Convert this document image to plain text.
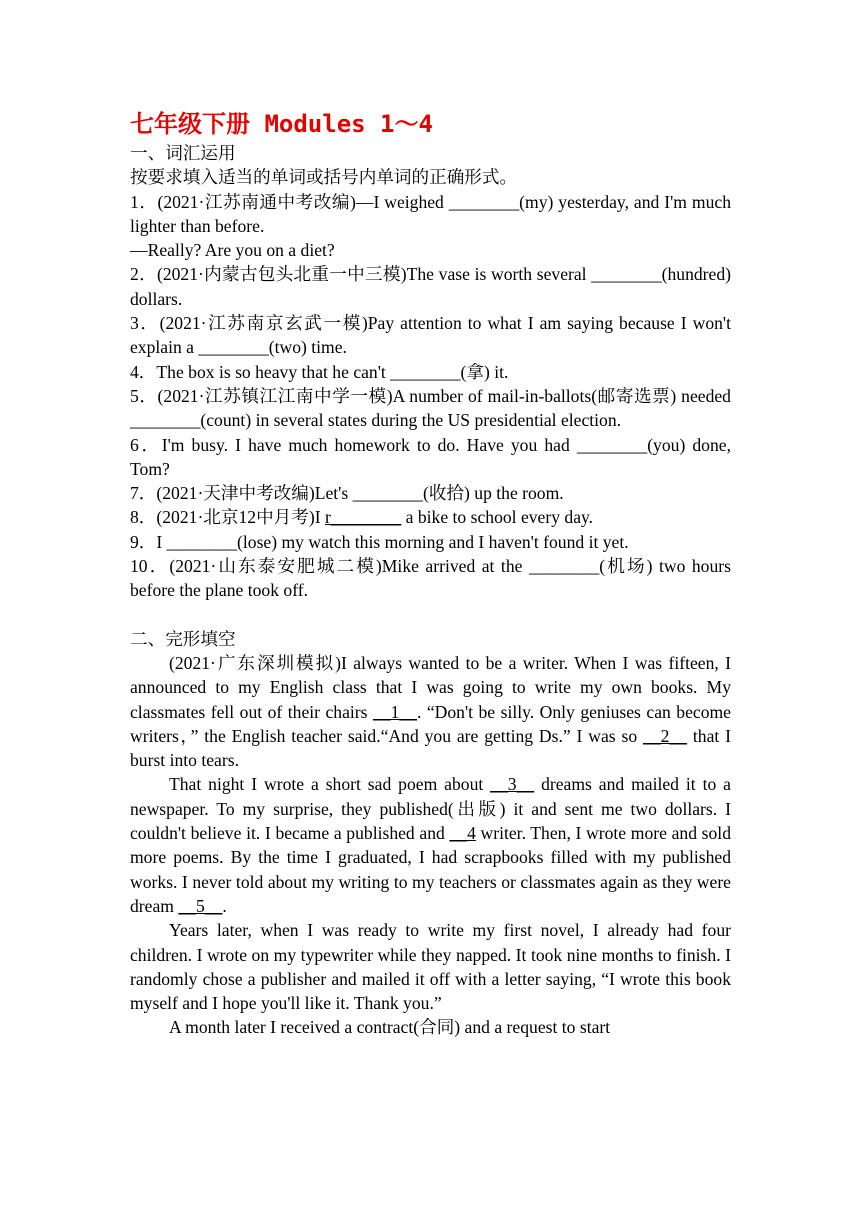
七年级下册 Modules 1～4

一、词汇运用

按要求填入适当的单词或括号内单词的正确形式。

1．(2021·江苏南通中考改编)—I weighed ________(my) yesterday, and I'm much lighter than before.

—Really? Are you on a diet?

2．(2021·内蒙古包头北重一中三模)The vase is worth several ________(hundred) dollars.

3．(2021·江苏南京玄武一模)Pay attention to what I am saying because I won't explain a ________(two) time.

4．The box is so heavy that he can't ________(拿) it.

5．(2021·江苏镇江江南中学一模)A number of mail-in-ballots(邮寄选票) needed ________(count) in several states during the US presidential election.

6．I'm busy. I have much homework to do. Have you had ________(you) done, Tom?

7．(2021·天津中考改编)Let's ________(收拾) up the room.

8．(2021·北京12中月考)I r________ a bike to school every day.

9．I ________(lose) my watch this morning and I haven't found it yet.

10．(2021·山东泰安肥城二模)Mike arrived at the ________(机场) two hours before the plane took off.

二、完形填空

(2021·广东深圳模拟)I always wanted to be a writer. When I was fifteen, I announced to my English class that I was going to write my own books. My classmates fell out of their chairs __1__. “Don't be silly. Only geniuses can become writers，” the English teacher said.“And you are getting Ds.” I was so __2__ that I burst into tears.

That night I wrote a short sad poem about __3__ dreams and mailed it to a newspaper. To my surprise, they published(出版) it and sent me two dollars. I couldn't believe it. I became a published and __4 writer. Then, I wrote more and sold more poems. By the time I graduated, I had scrapbooks filled with my published works. I never told about my writing to my teachers or classmates again as they were dream __5__.

Years later, when I was ready to write my first novel, I already had four children. I wrote on my typewriter while they napped. It took nine months to finish. I randomly chose a publisher and mailed it off with a letter saying, “I wrote this book myself and I hope you'll like it. Thank you.”

A month later I received a contract(合同) and a request to start
